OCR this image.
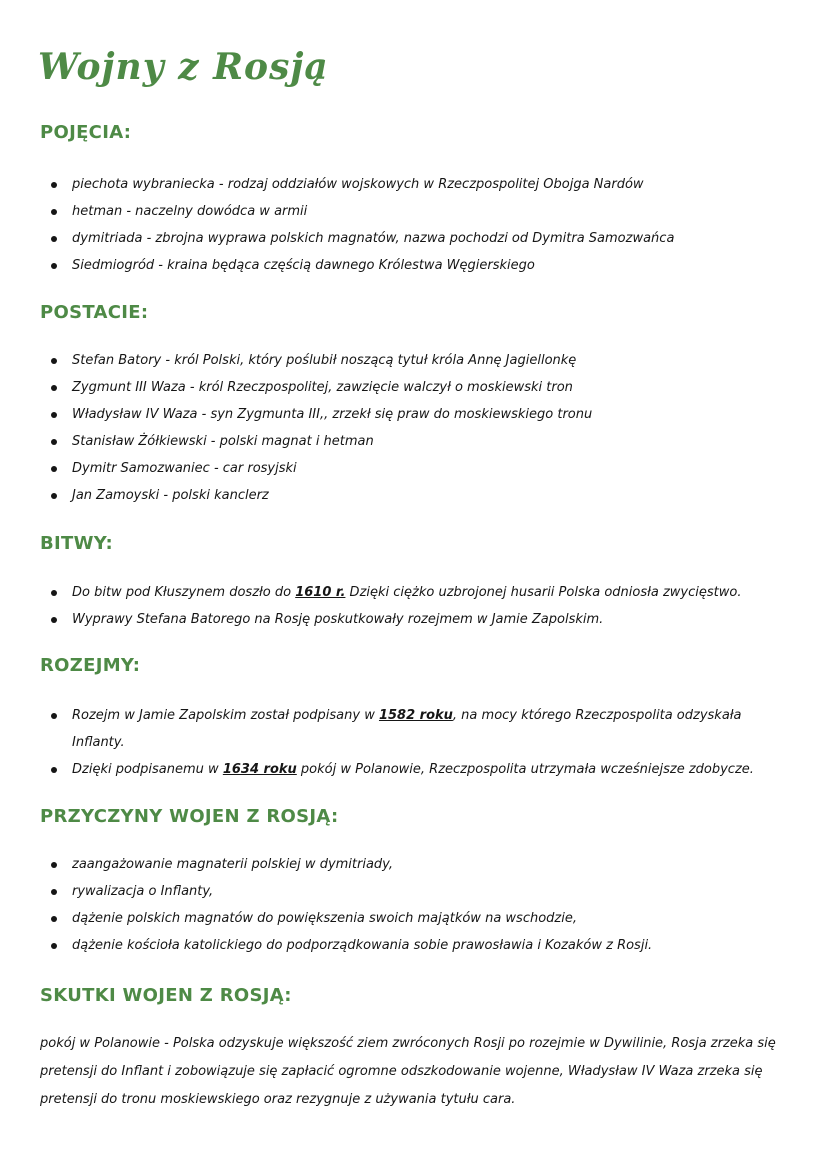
Wojny z Rosją
POJĘCIA:
piechota wybraniecka - rodzaj oddziałów wojskowych w Rzeczpospolitej Obojga Nardów
hetman - naczelny dowódca w armii
dymitriada - zbrojna wyprawa polskich magnatów, nazwa pochodzi od Dymitra Samozwańca
Siedmiogród - kraina będąca częścią dawnego Królestwa Węgierskiego
POSTACIE:
Stefan Batory - król Polski, który poślubił noszącą tytuł króla Annę Jagiellonkę
Zygmunt III Waza - król Rzeczpospolitej, zawzięcie walczył o moskiewski tron
Władysław IV Waza - syn Zygmunta III,, zrzekł się praw do moskiewskiego tronu
Stanisław Żółkiewski - polski magnat i hetman
Dymitr Samozwaniec - car rosyjski
Jan Zamoyski - polski kanclerz
BITWY:
Do bitw pod Kłuszynem doszło do 1610 r. Dzięki ciężko uzbrojonej husarii Polska odniosła zwycięstwo.
Wyprawy Stefana Batorego na Rosję poskutkowały rozejmem w Jamie Zapolskim.
ROZEJMY:
Rozejm w Jamie Zapolskim został podpisany w 1582 roku, na mocy którego Rzeczpospolita odzyskała Inflanty.
Dzięki podpisanemu w 1634 roku pokój w Polanowie, Rzeczpospolita utrzymała wcześniejsze zdobycze.
PRZYCZYNY WOJEN Z ROSJĄ:
zaangażowanie magnaterii polskiej w dymitriady,
rywalizacja o Inflanty,
dążenie polskich magnatów do powiększenia swoich majątków na wschodzie,
dążenie kościoła katolickiego do podporządkowania sobie prawosławia i Kozaków z Rosji.
SKUTKI WOJEN Z ROSJĄ:

pokój w Polanowie - Polska odzyskuje większość ziem zwróconych Rosji po rozejmie w Dywilinie, Rosja zrzeka się pretensji do Inflant i zobowiązuje się zapłacić ogromne odszkodowanie wojenne, Władysław IV Waza zrzeka się pretensji do tronu moskiewskiego oraz rezygnuje z używania tytułu cara.
